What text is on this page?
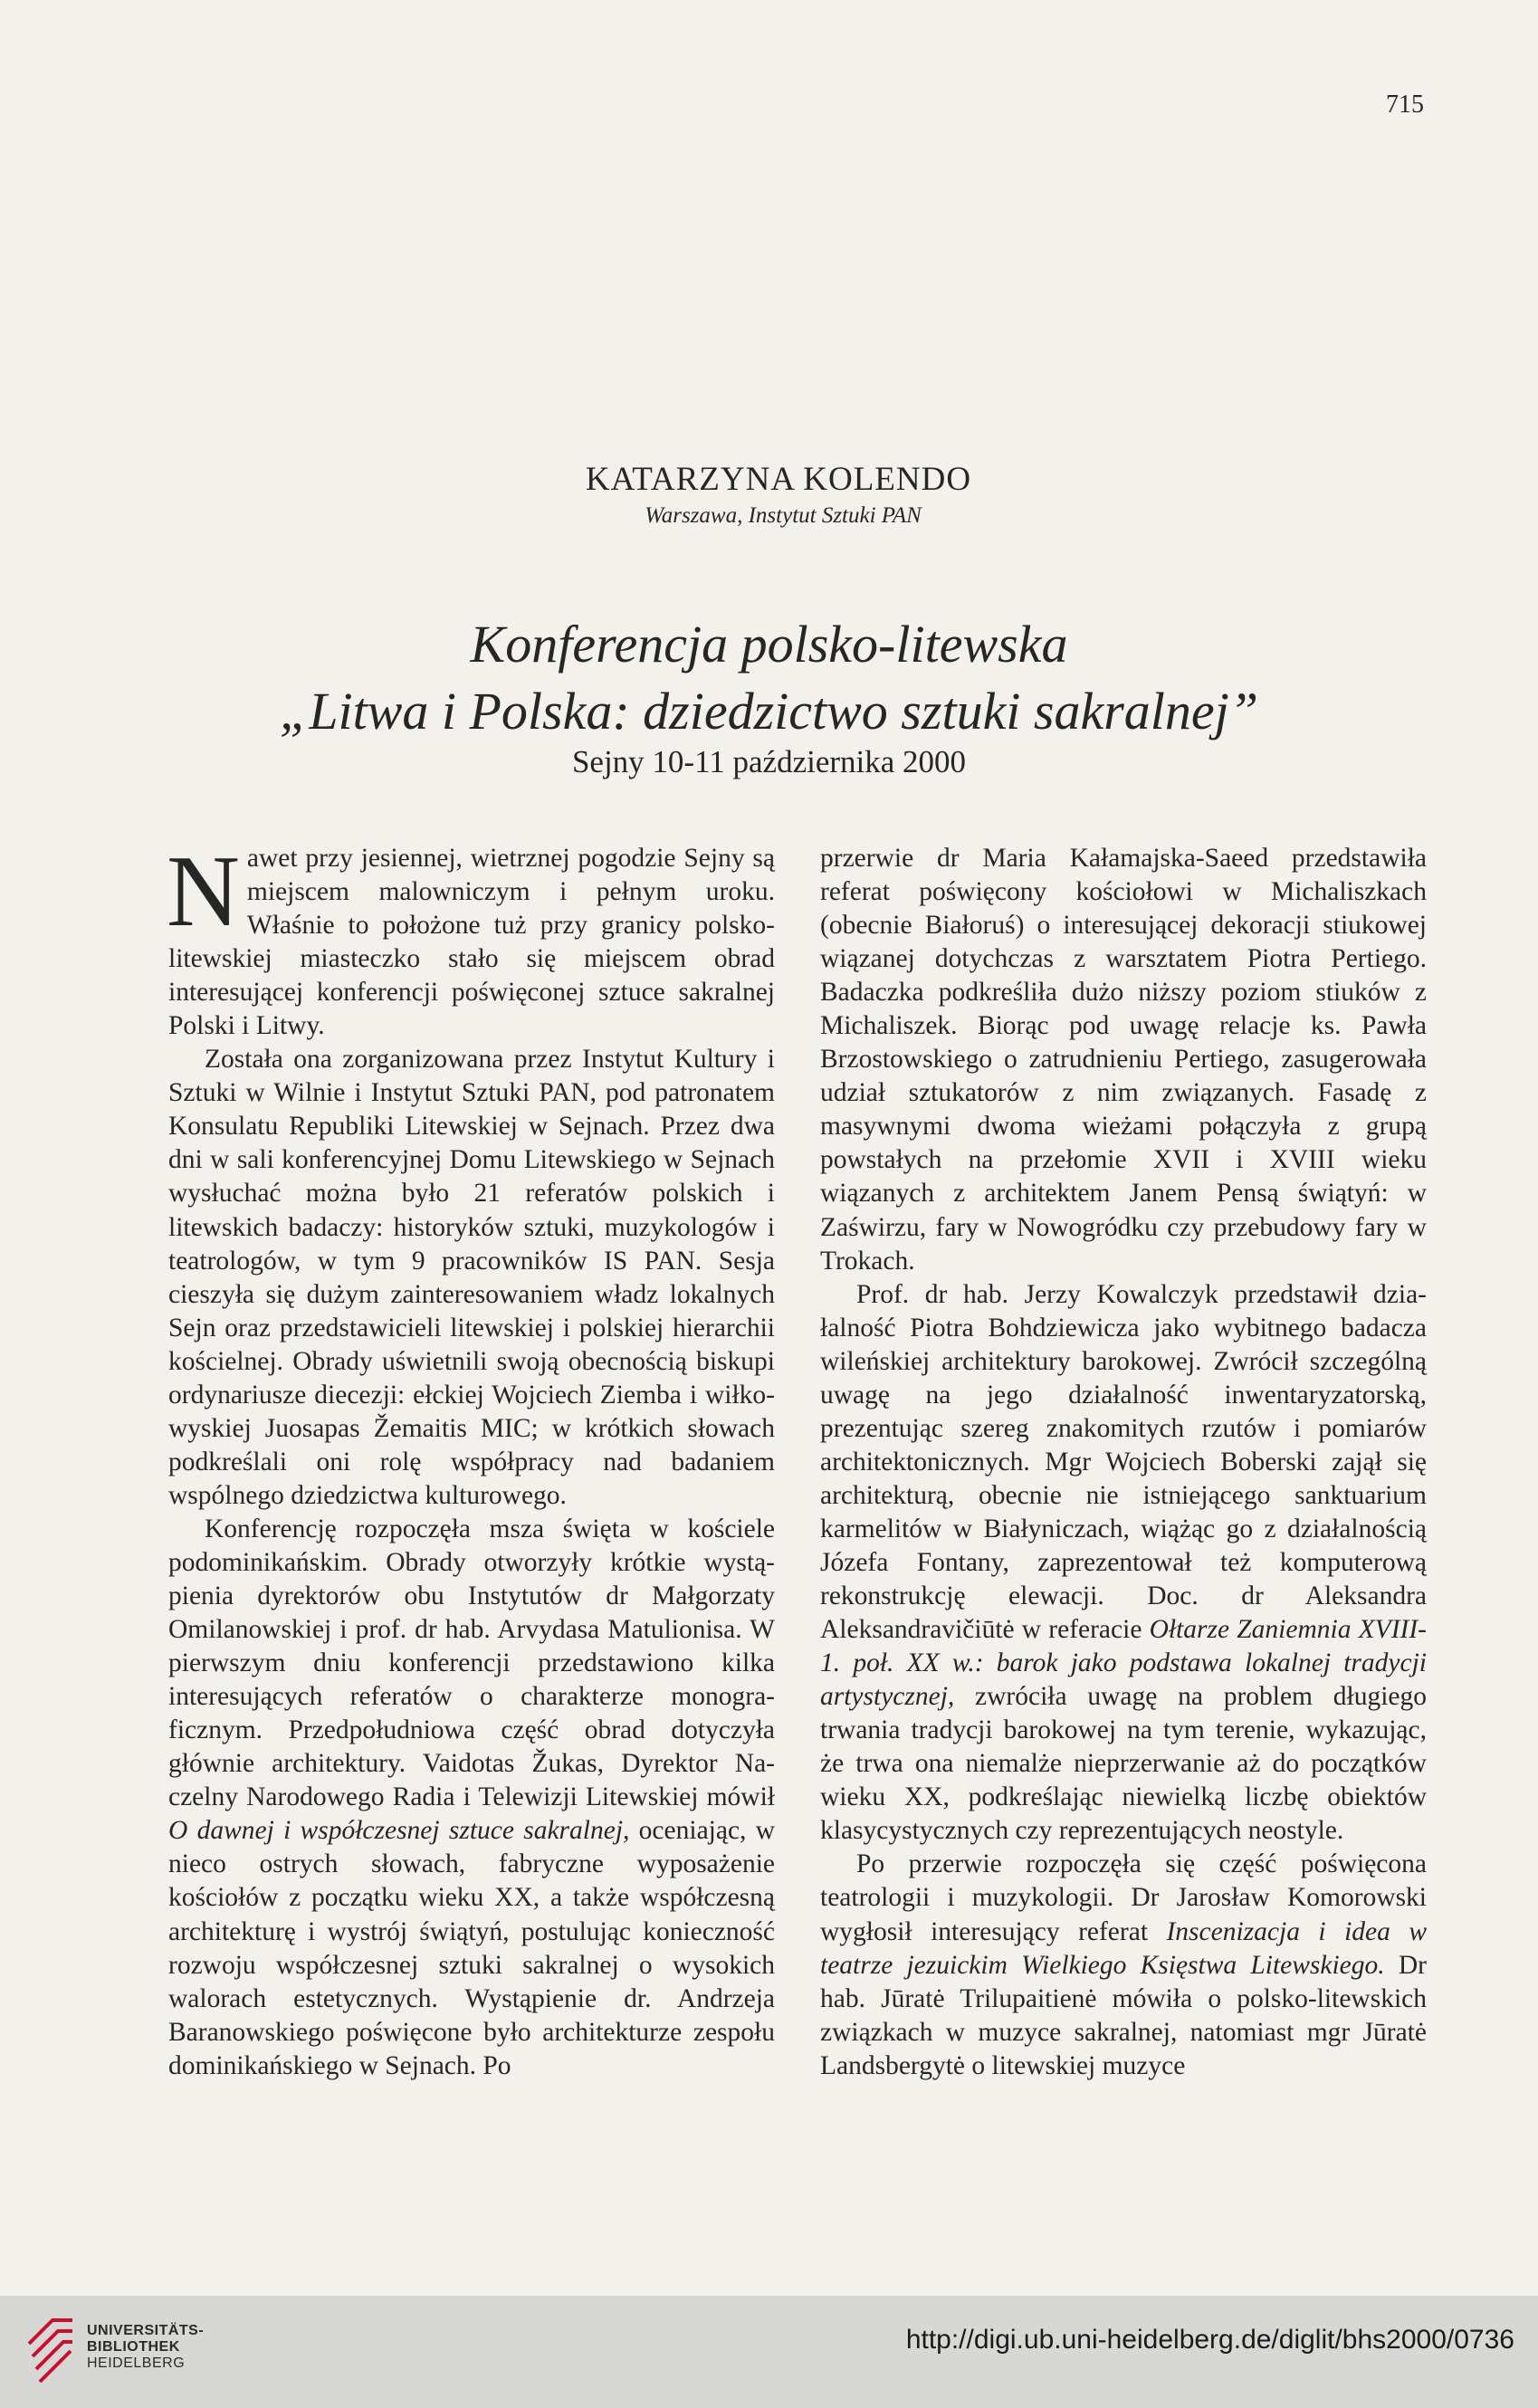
715
KATARZYNA KOLENDO
Warszawa, Instytut Sztuki PAN
Konferencja polsko-litewska
„Litwa i Polska: dziedzictwo sztuki sakralnej”
Sejny 10-11 października 2000

Nawet przy jesiennej, wietrznej pogodzie Sejny są miejscem malowniczym i pełnym uroku. Właśnie to położone tuż przy granicy polsko-litewskiej miasteczko stało się miejscem obrad interesującej konferencji poświęconej sztuce sakralnej Polski i Litwy.

Została ona zorganizowana przez Instytut Kultury i Sztuki w Wilnie i Instytut Sztuki PAN, pod patronatem Konsulatu Republiki Litewskiej w Sejnach. Przez dwa dni w sali konferencyjnej Domu Litewskiego w Sejnach wysłuchać można było 21 referatów polskich i litewskich badaczy: historyków sztuki, muzykologów i teatrologów, w tym 9 pracowników IS PAN. Sesja cieszyła się dużym zainteresowaniem władz lokalnych Sejn oraz przedstawicieli litewskiej i polskiej hierarchii kościelnej. Obrady uświetnili swoją obecnością biskupi ordynariusze diecezji: ełckiej Wojciech Ziemba i wiłkowyskiej Juosapas Žemaitis MIC; w krótkich słowach podkreślali oni rolę współpracy nad badaniem wspólnego dziedzictwa kulturowego.

Konferencję rozpoczęła msza święta w kościele podominikańskim. Obrady otworzyły krótkie wystąpienia dyrektorów obu Instytutów dr Małgorzaty Omilanowskiej i prof. dr hab. Arvydasa Matulionisa. W pierwszym dniu konferencji przedstawiono kilka interesujących referatów o charakterze monograficznym. Przedpołudniowa część obrad dotyczyła głównie architektury. Vaidotas Žukas, Dyrektor Naczelny Narodowego Radia i Telewizji Litewskiej mówił O dawnej i współczesnej sztuce sakralnej, oceniając, w nieco ostrych słowach, fabryczne wyposażenie kościołów z początku wieku XX, a także współczesną architekturę i wystrój świątyń, postulując konieczność rozwoju współczesnej sztuki sakralnej o wysokich walorach estetycznych. Wystąpienie dr. Andrzeja Baranowskiego poświęcone było architekturze zespołu dominikańskiego w Sejnach. Po

przerwie dr Maria Kałamajska-Saeed przedstawiła referat poświęcony kościołowi w Michaliszkach (obecnie Białoruś) o interesującej dekoracji stiukowej wiązanej dotychczas z warsztatem Piotra Pertiego. Badaczka podkreśliła dużo niższy poziom stiuków z Michaliszek. Biorąc pod uwagę relacje ks. Pawła Brzostowskiego o zatrudnieniu Pertiego, zasugerowała udział sztukatorów z nim związanych. Fasadę z masywnymi dwoma wieżami połączyła z grupą powstałych na przełomie XVII i XVIII wieku wiązanych z architektem Janem Pensą świątyń: w Zaświrzu, fary w Nowogródku czy przebudowy fary w Trokach.

Prof. dr hab. Jerzy Kowalczyk przedstawił działalność Piotra Bohdziewicza jako wybitnego badacza wileńskiej architektury barokowej. Zwrócił szczególną uwagę na jego działalność inwentaryzatorską, prezentując szereg znakomitych rzutów i pomiarów architektonicznych. Mgr Wojciech Boberski zajął się architekturą, obecnie nie istniejącego sanktuarium karmelitów w Białyniczach, wiążąc go z działalnością Józefa Fontany, zaprezentował też komputerową rekonstrukcję elewacji. Doc. dr Aleksandra Aleksandravičiūtė w referacie Ołtarze Zaniemnia XVIII-1. poł. XX w.: barok jako podstawa lokalnej tradycji artystycznej, zwróciła uwagę na problem długiego trwania tradycji barokowej na tym terenie, wykazując, że trwa ona niemalże nieprzerwanie aż do początków wieku XX, podkreślając niewielką liczbę obiektów klasycystycznych czy reprezentujących neostyle.

Po przerwie rozpoczęła się część poświęcona teatrologii i muzykologii. Dr Jarosław Komorowski wygłosił interesujący referat Inscenizacja i idea w teatrze jezuickim Wielkiego Księstwa Litewskiego. Dr hab. Jūratė Trilupaitienė mówiła o polsko-litewskich związkach w muzyce sakralnej, natomiast mgr Jūratė Landsbergytė o litewskiej muzyce

UNIVERSITÄTS-
BIBLIOTHEK
HEIDELBERG
http://digi.ub.uni-heidelberg.de/diglit/bhs2000/0736
